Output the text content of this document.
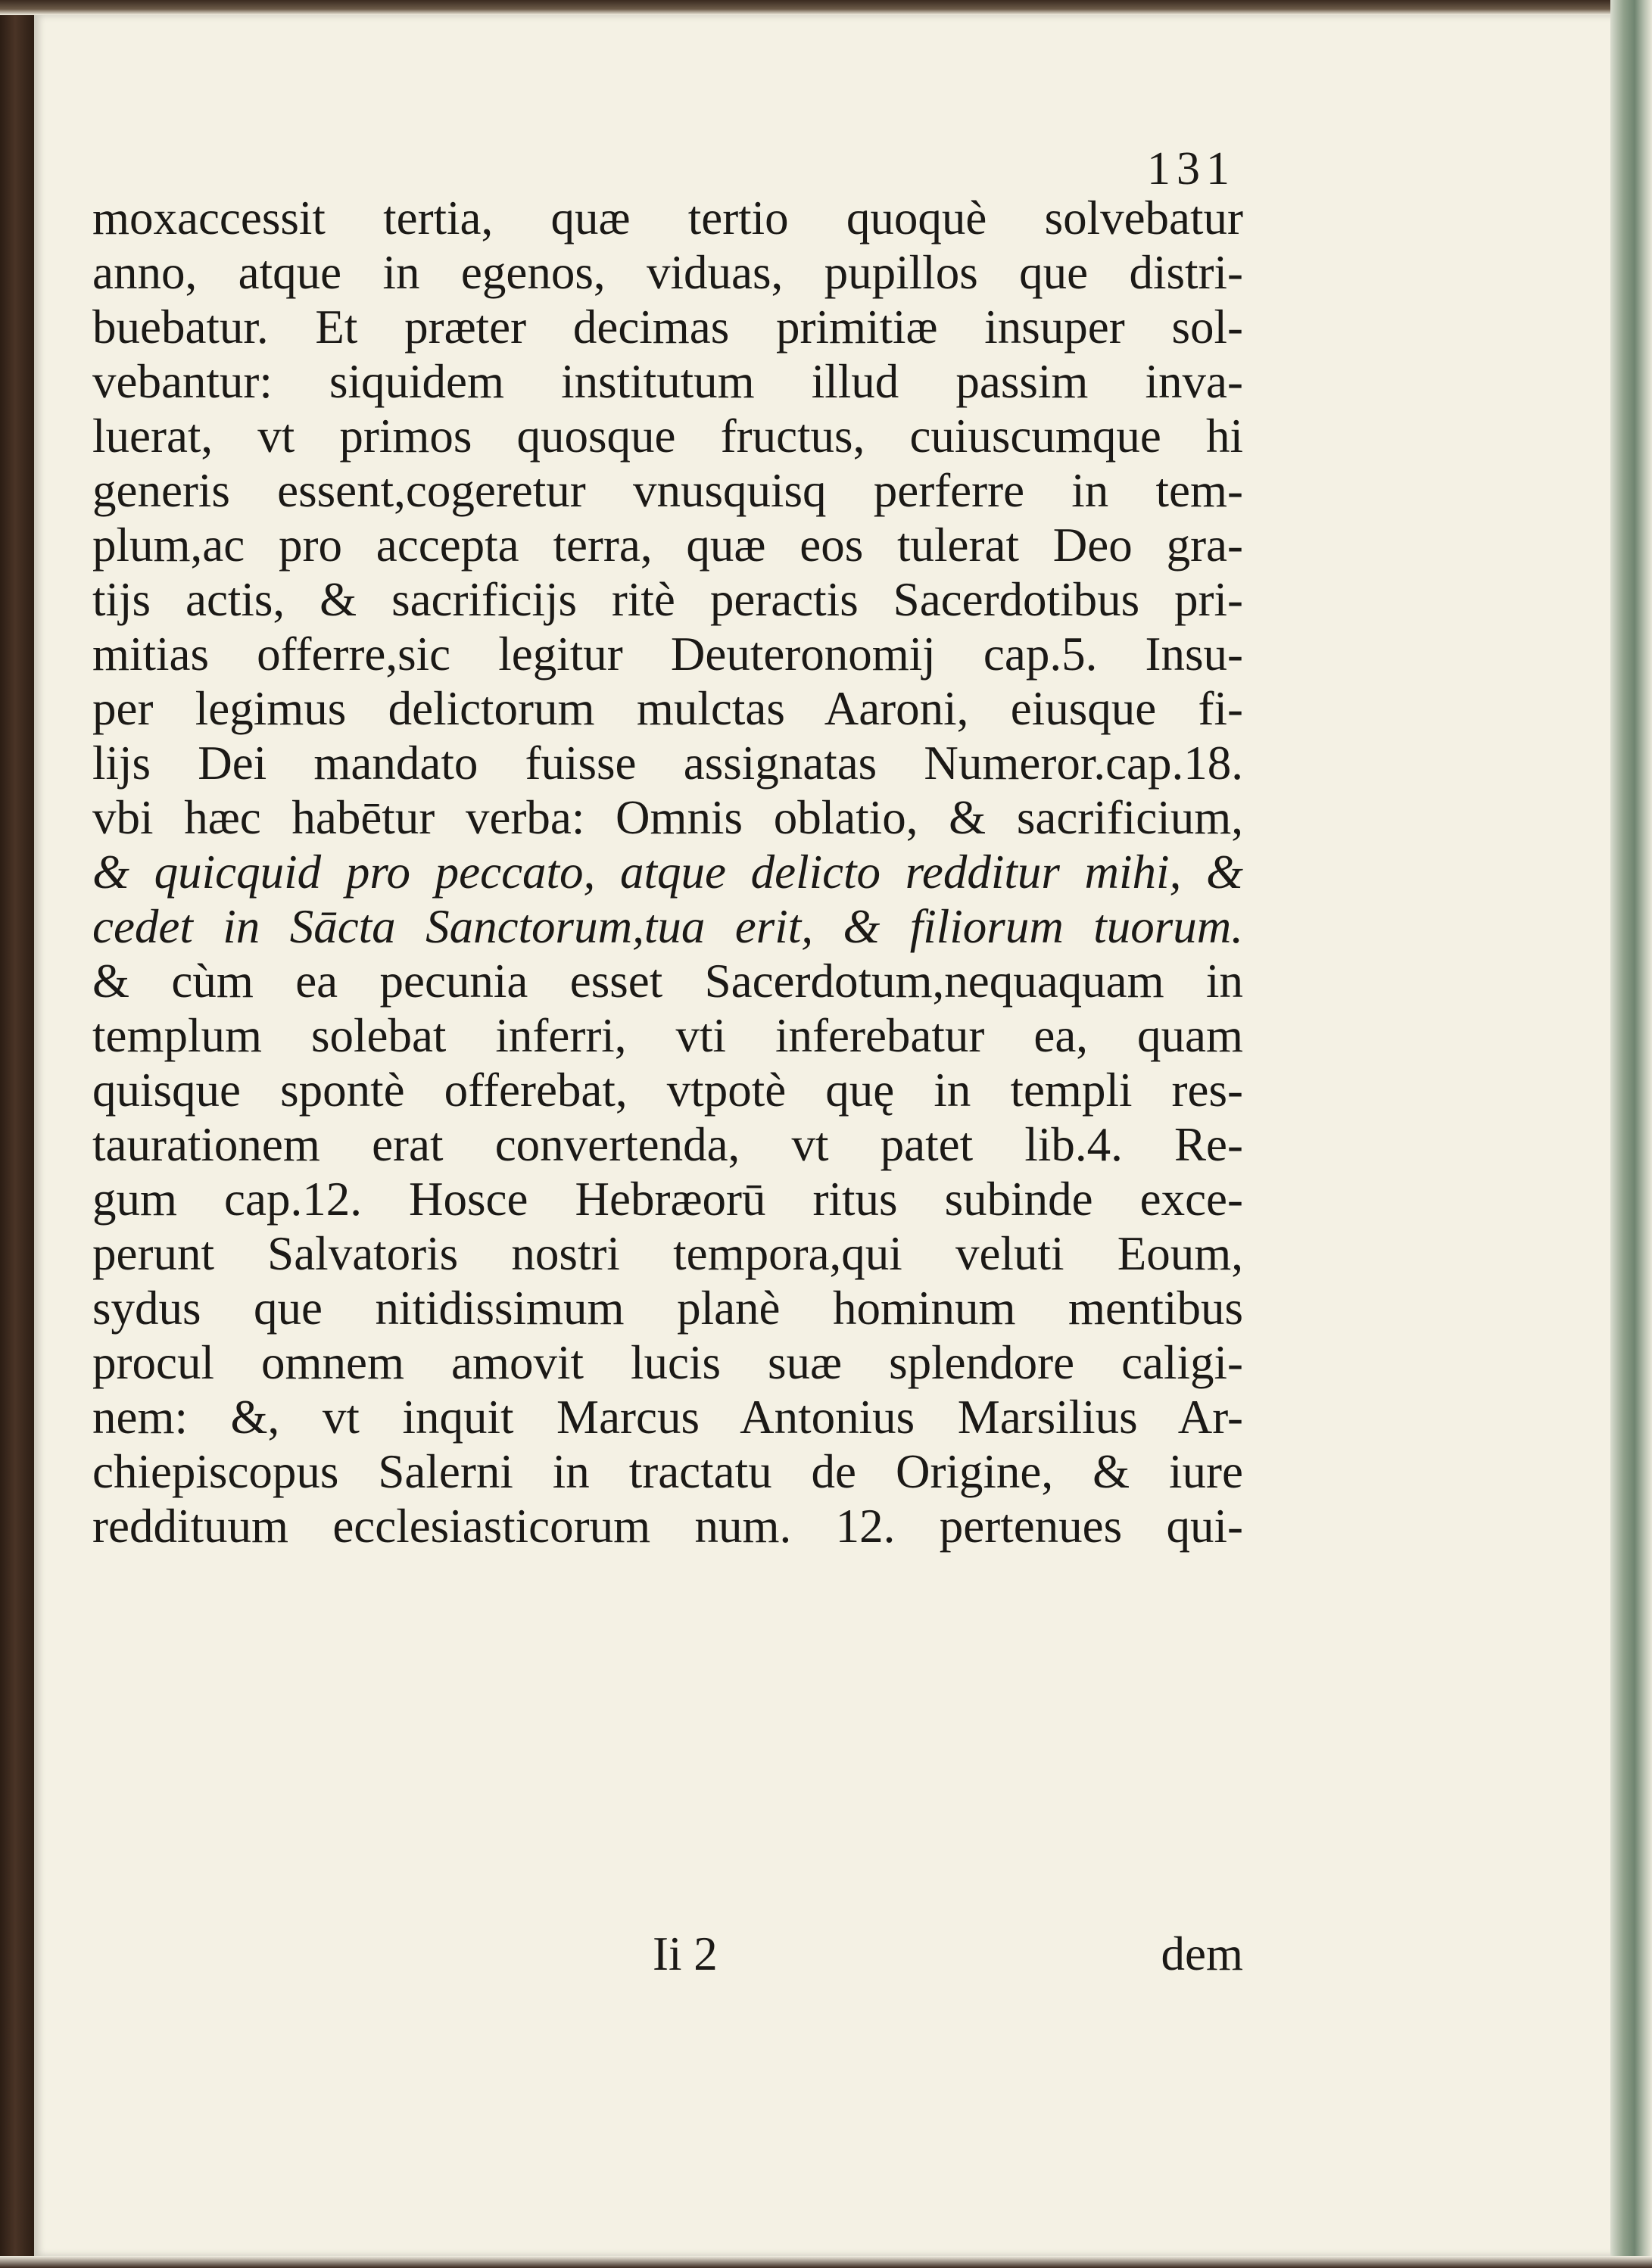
131
moxaccessit tertia, quæ tertio quoquè solvebatur
anno, atque in egenos, viduas, pupillos que distri-
buebatur. Et præter decimas primitiæ insuper sol-
vebantur: siquidem institutum illud passim inva-
luerat, vt primos quosque fructus, cuiuscumque hi
generis essent,cogeretur vnusquisq perferre in tem-
plum,ac pro accepta terra, quæ eos tulerat Deo gra-
tijs actis, & sacrificijs ritè peractis Sacerdotibus pri-
mitias offerre,sic legitur Deuteronomij cap.5. Insu-
per legimus delictorum mulctas Aaroni, eiusque fi-
lijs Dei mandato fuisse assignatas Numeror.cap.18.
vbi hæc habētur verba: Omnis oblatio, & sacrificium,
& quicquid pro peccato, atque delicto redditur mihi, &
cedet in Sācta Sanctorum,tua erit, & filiorum tuorum.
& cùm ea pecunia esset Sacerdotum,nequaquam in
templum solebat inferri, vti inferebatur ea, quam
quisque spontè offerebat, vtpotè quę in templi res-
taurationem erat convertenda, vt patet lib.4. Re-
gum cap.12. Hosce Hebræorū ritus subinde exce-
perunt Salvatoris nostri tempora,qui veluti Eoum,
sydus que nitidissimum planè hominum mentibus
procul omnem amovit lucis suæ splendore caligi-
nem: &, vt inquit Marcus Antonius Marsilius Ar-
chiepiscopus Salerni in tractatu de Origine, & iure
reddituum ecclesiasticorum num. 12. pertenues qui-
Ii 2	dem
